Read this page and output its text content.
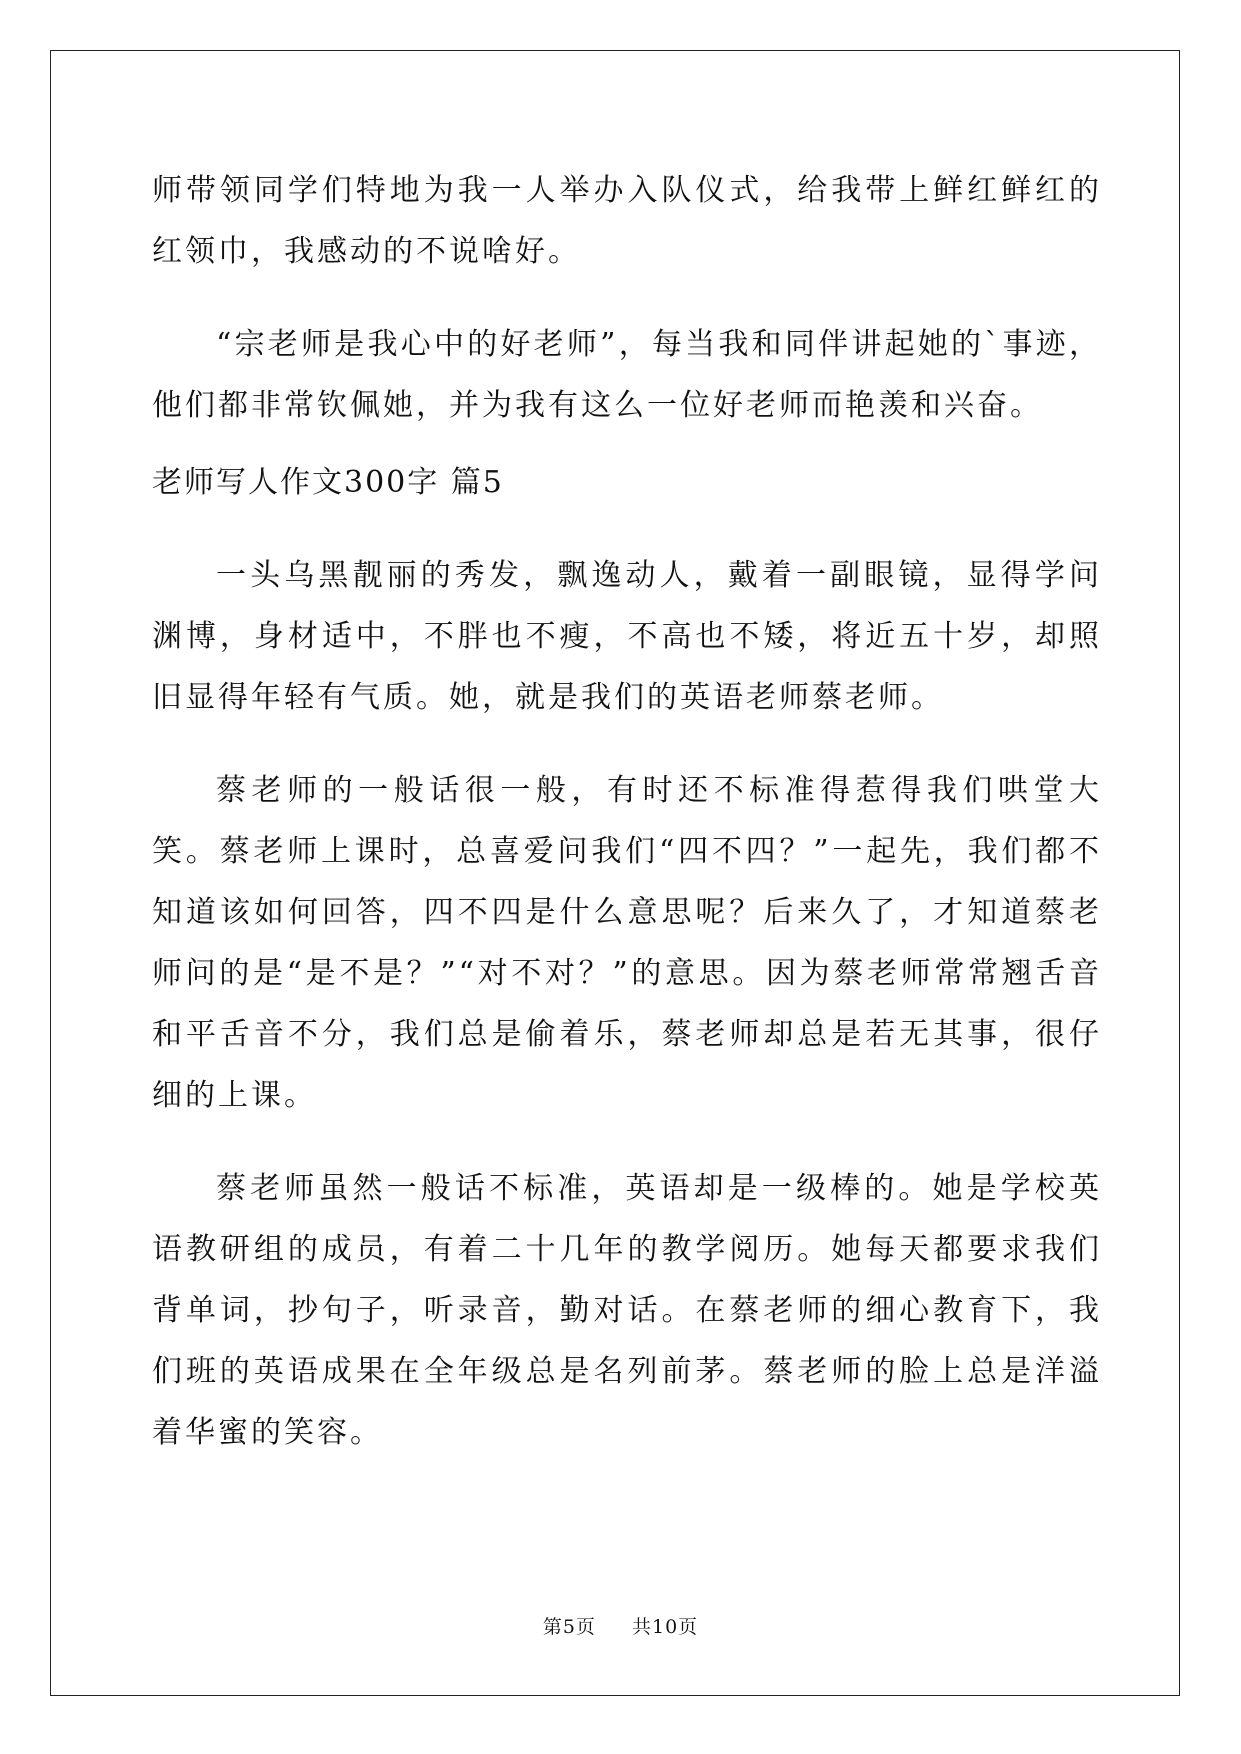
师带领同学们特地为我一人举办入队仪式，给我带上鲜红鲜红的红领巾，我感动的不说啥好。

“宗老师是我心中的好老师”，每当我和同伴讲起她的`事迹，他们都非常钦佩她，并为我有这么一位好老师而艳羡和兴奋。

老师写人作文300字 篇5

一头乌黑靓丽的秀发，飘逸动人，戴着一副眼镜，显得学问渊博，身材适中，不胖也不瘦，不高也不矮，将近五十岁，却照旧显得年轻有气质。她，就是我们的英语老师蔡老师。

蔡老师的一般话很一般，有时还不标准得惹得我们哄堂大笑。蔡老师上课时，总喜爱问我们“四不四？”一起先，我们都不知道该如何回答，四不四是什么意思呢？后来久了，才知道蔡老师问的是“是不是？”“对不对？”的意思。因为蔡老师常常翘舌音和平舌音不分，我们总是偷着乐，蔡老师却总是若无其事，很仔细的上课。

蔡老师虽然一般话不标准，英语却是一级棒的。她是学校英语教研组的成员，有着二十几年的教学阅历。她每天都要求我们背单词，抄句子，听录音，勤对话。在蔡老师的细心教育下，我们班的英语成果在全年级总是名列前茅。蔡老师的脸上总是洋溢着华蜜的笑容。

第5页 共10页
